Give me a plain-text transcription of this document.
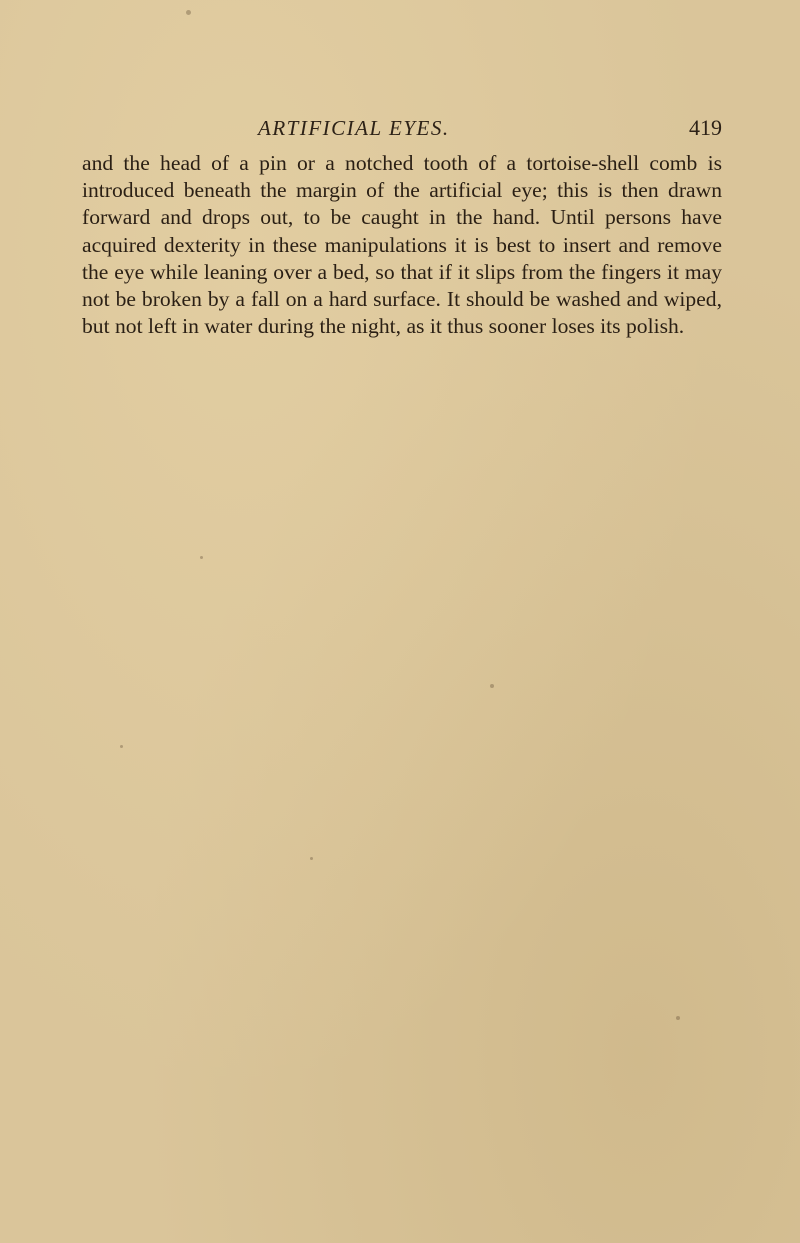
ARTIFICIAL EYES.	419

and the head of a pin or a notched tooth of a tortoise-shell comb is introduced beneath the margin of the artificial eye; this is then drawn forward and drops out, to be caught in the hand. Until persons have acquired dexterity in these manipulations it is best to insert and remove the eye while leaning over a bed, so that if it slips from the fingers it may not be broken by a fall on a hard surface. It should be washed and wiped, but not left in water during the night, as it thus sooner loses its polish.
